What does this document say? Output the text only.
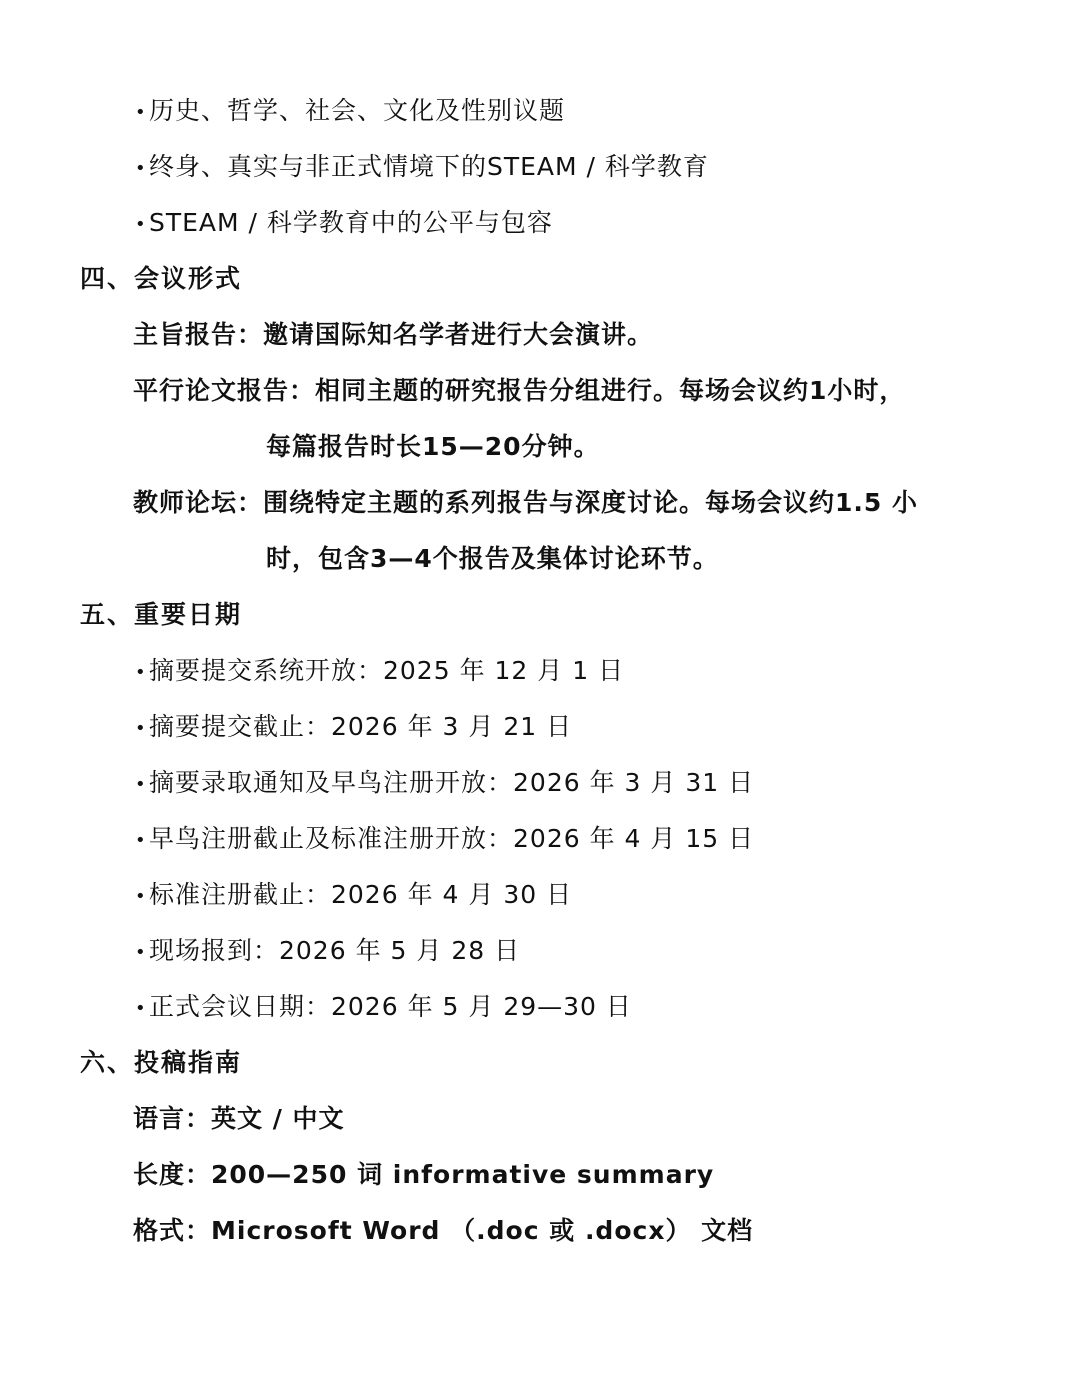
•历史、哲学、社会、文化及性别议题
•终身、真实与非正式情境下的STEAM / 科学教育
•STEAM / 科学教育中的公平与包容
四、会议形式
主旨报告：邀请国际知名学者进行大会演讲。
平行论文报告：相同主题的研究报告分组进行。每场会议约1小时，
每篇报告时长15—20分钟。
教师论坛：围绕特定主题的系列报告与深度讨论。每场会议约1.5 小
时，包含3—4个报告及集体讨论环节。
五、重要日期
•摘要提交系统开放：2025 年 12 月 1 日
•摘要提交截止：2026 年 3 月 21 日
•摘要录取通知及早鸟注册开放：2026 年 3 月 31 日
•早鸟注册截止及标准注册开放：2026 年 4 月 15 日
•标准注册截止：2026 年 4 月 30 日
•现场报到：2026 年 5 月 28 日
•正式会议日期：2026 年 5 月 29—30 日
六、投稿指南
语言：英文 / 中文
长度：200—250 词 informative summary
格式：Microsoft Word （.doc 或 .docx） 文档
